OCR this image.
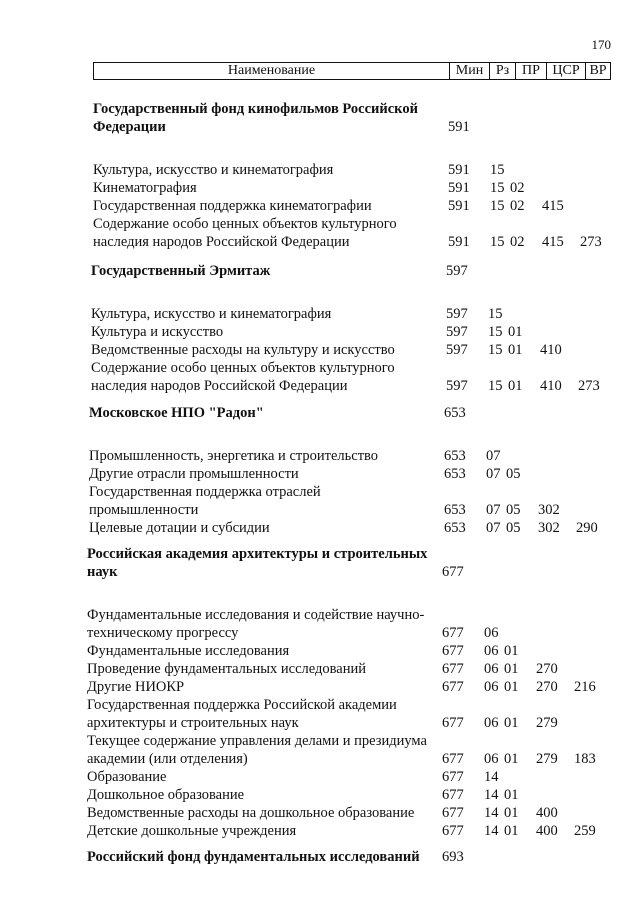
170
Наименование	Мин Рз ПР ЦСР ВР
Государственный фонд кинофильмов Российской
Федерации	591
Культура, искусство и кинематография	591 15
Кинематография	591 15 02
Государственная поддержка кинематографии	591 15 02 415
Содержание особо ценных объектов культурного
наследия народов Российской Федерации	591 15 02 415 273
Государственный Эрмитаж	597
Культура, искусство и кинематография	597 15
Культура и искусство	597 15 01
Ведомственные расходы на культуру и искусство	597 15 01 410
Содержание особо ценных объектов культурного
наследия народов Российской Федерации	597 15 01 410 273
Московское НПО "Радон"	653
Промышленность, энергетика и строительство	653 07
Другие отрасли промышленности	653 07 05
Государственная поддержка отраслей
промышленности	653 07 05 302
Целевые дотации и субсидии	653 07 05 302 290
Российская академия архитектуры и строительных
наук	677
Фундаментальные исследования и содействие научно-
техническому прогрессу	677 06
Фундаментальные исследования	677 06 01
Проведение фундаментальных исследований	677 06 01 270
Другие НИОКР	677 06 01 270 216
Государственная поддержка Российской академии
архитектуры и строительных наук	677 06 01 279
Текущее содержание управления делами и президиума
академии (или отделения)	677 06 01 279 183
Образование	677 14
Дошкольное образование	677 14 01
Ведомственные расходы на дошкольное образование 677 14 01 400
Детские дошкольные учреждения	677 14 01 400 259
Российский фонд фундаментальных исследований 693
